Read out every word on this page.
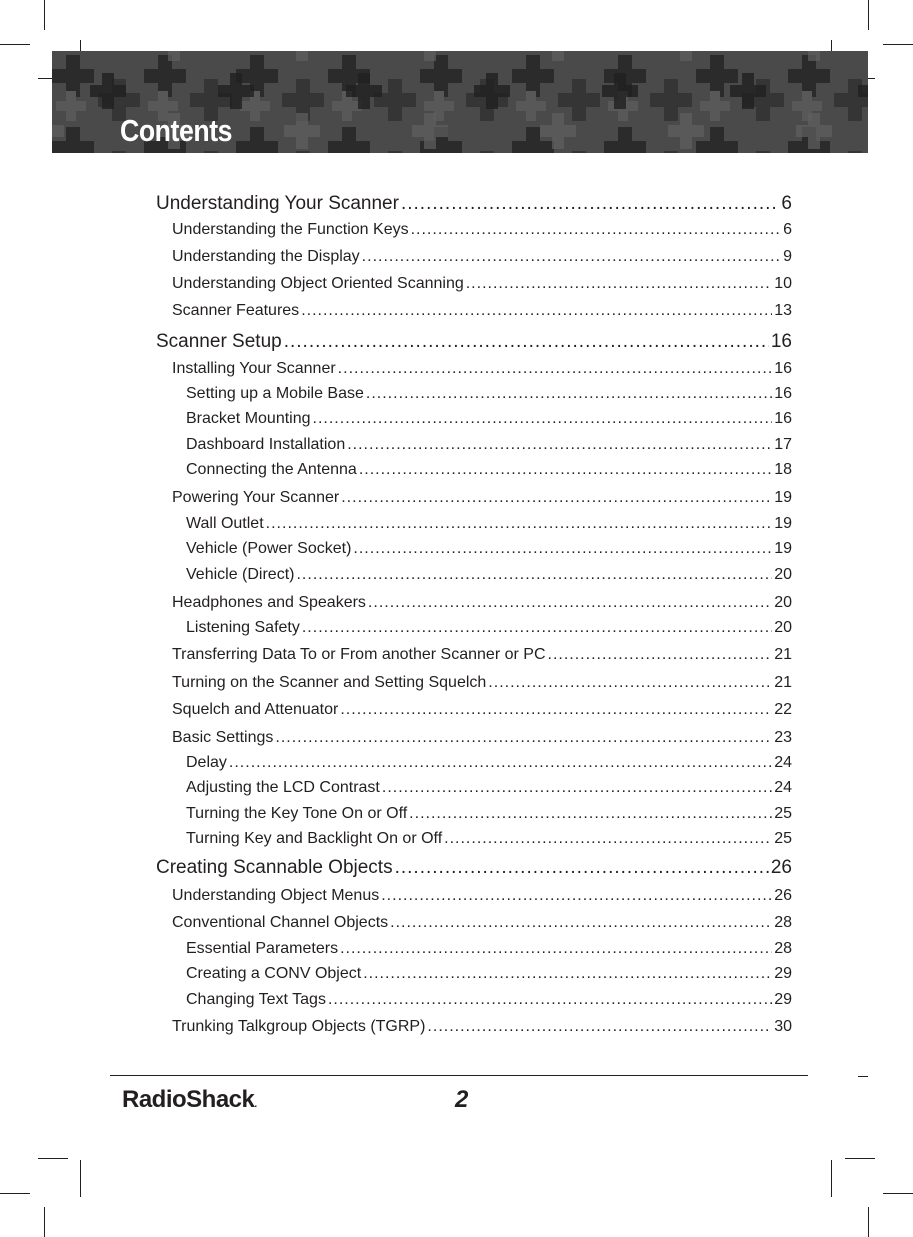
Contents
Understanding Your Scanner .....	6
Understanding the Function Keys .....	6
Understanding the Display .....	9
Understanding Object Oriented Scanning .....	10
Scanner Features .....	13
Scanner Setup .....	16
Installing Your Scanner .....	16
Setting up a Mobile Base .....	16
Bracket Mounting .....	16
Dashboard Installation .....	17
Connecting the Antenna .....	18
Powering Your Scanner .....	19
Wall Outlet .....	19
Vehicle (Power Socket) .....	19
Vehicle (Direct) .....	20
Headphones and Speakers .....	20
Listening Safety .....	20
Transferring Data To or From another Scanner or PC .....	21
Turning on the Scanner and Setting Squelch .....	21
Squelch and Attenuator .....	22
Basic Settings .....	23
Delay .....	24
Adjusting the LCD Contrast .....	24
Turning the Key Tone On or Off .....	25
Turning Key and Backlight On or Off .....	25
Creating Scannable Objects .....	26
Understanding Object Menus .....	26
Conventional Channel Objects .....	28
Essential Parameters .....	28
Creating a CONV Object .....	29
Changing Text Tags .....	29
Trunking Talkgroup Objects (TGRP) .....	30
RadioShack.	2
